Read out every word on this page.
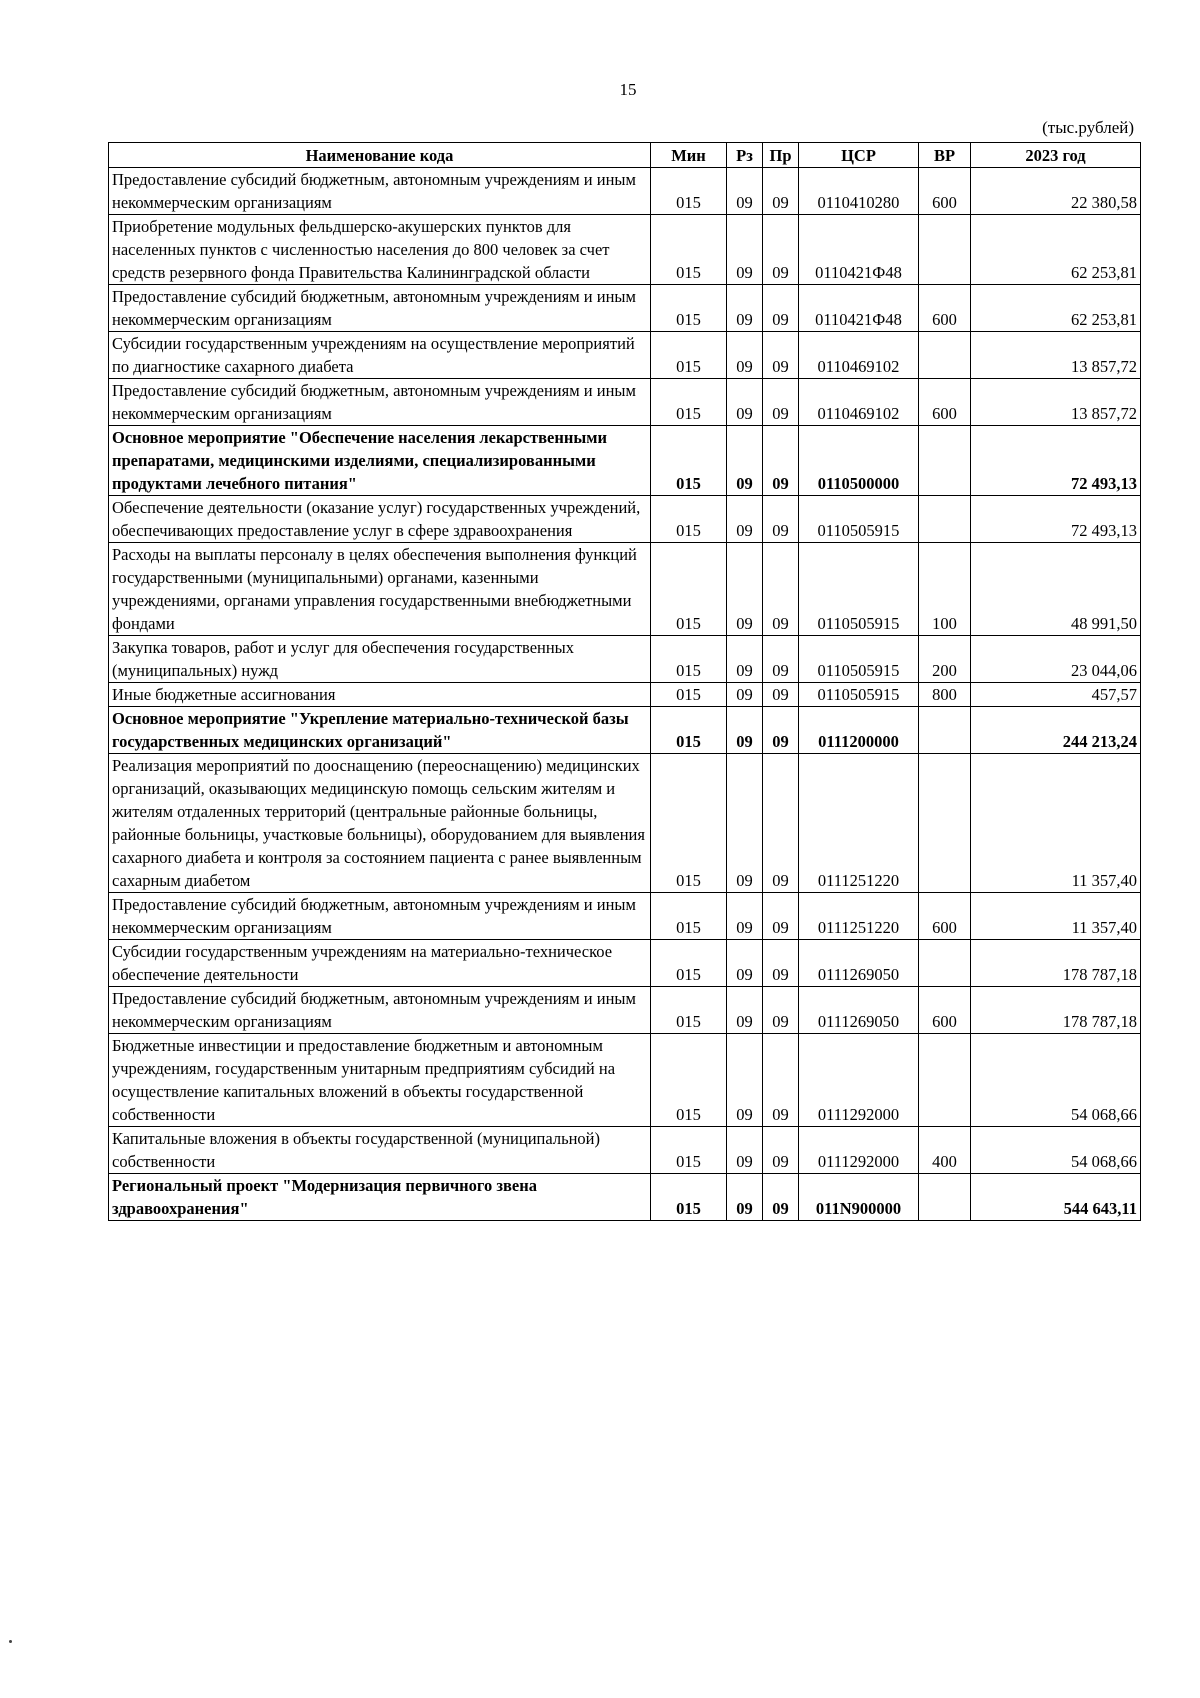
15
(тыс.рублей)
Наименование кода	Мин	Рз	Пр	ЦСР	ВР	2023 год
Предоставление субсидий бюджетным, автономным учреждениям и иным некоммерческим организациям	015	09	09	0110410280	600	22 380,58
Приобретение модульных фельдшерско-акушерских пунктов для населенных пунктов с численностью населения до 800 человек за счет средств резервного фонда Правительства Калининградской области	015	09	09	0110421Ф48		62 253,81
Предоставление субсидий бюджетным, автономным учреждениям и иным некоммерческим организациям	015	09	09	0110421Ф48	600	62 253,81
Субсидии государственным учреждениям на осуществление мероприятий по диагностике сахарного диабета	015	09	09	0110469102		13 857,72
Предоставление субсидий бюджетным, автономным учреждениям и иным некоммерческим организациям	015	09	09	0110469102	600	13 857,72
Основное мероприятие "Обеспечение населения лекарственными препаратами, медицинскими изделиями, специализированными продуктами лечебного питания"	015	09	09	0110500000		72 493,13
Обеспечение деятельности (оказание услуг) государственных учреждений, обеспечивающих предоставление услуг в сфере здравоохранения	015	09	09	0110505915		72 493,13
Расходы на выплаты персоналу в целях обеспечения выполнения функций государственными (муниципальными) органами, казенными учреждениями, органами управления государственными внебюджетными фондами	015	09	09	0110505915	100	48 991,50
Закупка товаров, работ и услуг для обеспечения государственных (муниципальных) нужд	015	09	09	0110505915	200	23 044,06
Иные бюджетные ассигнования	015	09	09	0110505915	800	457,57
Основное мероприятие "Укрепление материально-технической базы государственных медицинских организаций"	015	09	09	0111200000		244 213,24
Реализация мероприятий по дооснащению (переоснащению) медицинских организаций, оказывающих медицинскую помощь сельским жителям и жителям отдаленных территорий (центральные районные больницы, районные больницы, участковые больницы), оборудованием для выявления сахарного диабета и контроля за состоянием пациента с ранее выявленным сахарным диабетом	015	09	09	0111251220		11 357,40
Предоставление субсидий бюджетным, автономным учреждениям и иным некоммерческим организациям	015	09	09	0111251220	600	11 357,40
Субсидии государственным учреждениям на материально-техническое обеспечение деятельности	015	09	09	0111269050		178 787,18
Предоставление субсидий бюджетным, автономным учреждениям и иным некоммерческим организациям	015	09	09	0111269050	600	178 787,18
Бюджетные инвестиции и предоставление бюджетным и автономным учреждениям, государственным унитарным предприятиям субсидий на осуществление капитальных вложений в объекты государственной собственности	015	09	09	0111292000		54 068,66
Капитальные вложения в объекты государственной (муниципальной) собственности	015	09	09	0111292000	400	54 068,66
Региональный проект "Модернизация первичного звена здравоохранения"	015	09	09	011N900000		544 643,11
